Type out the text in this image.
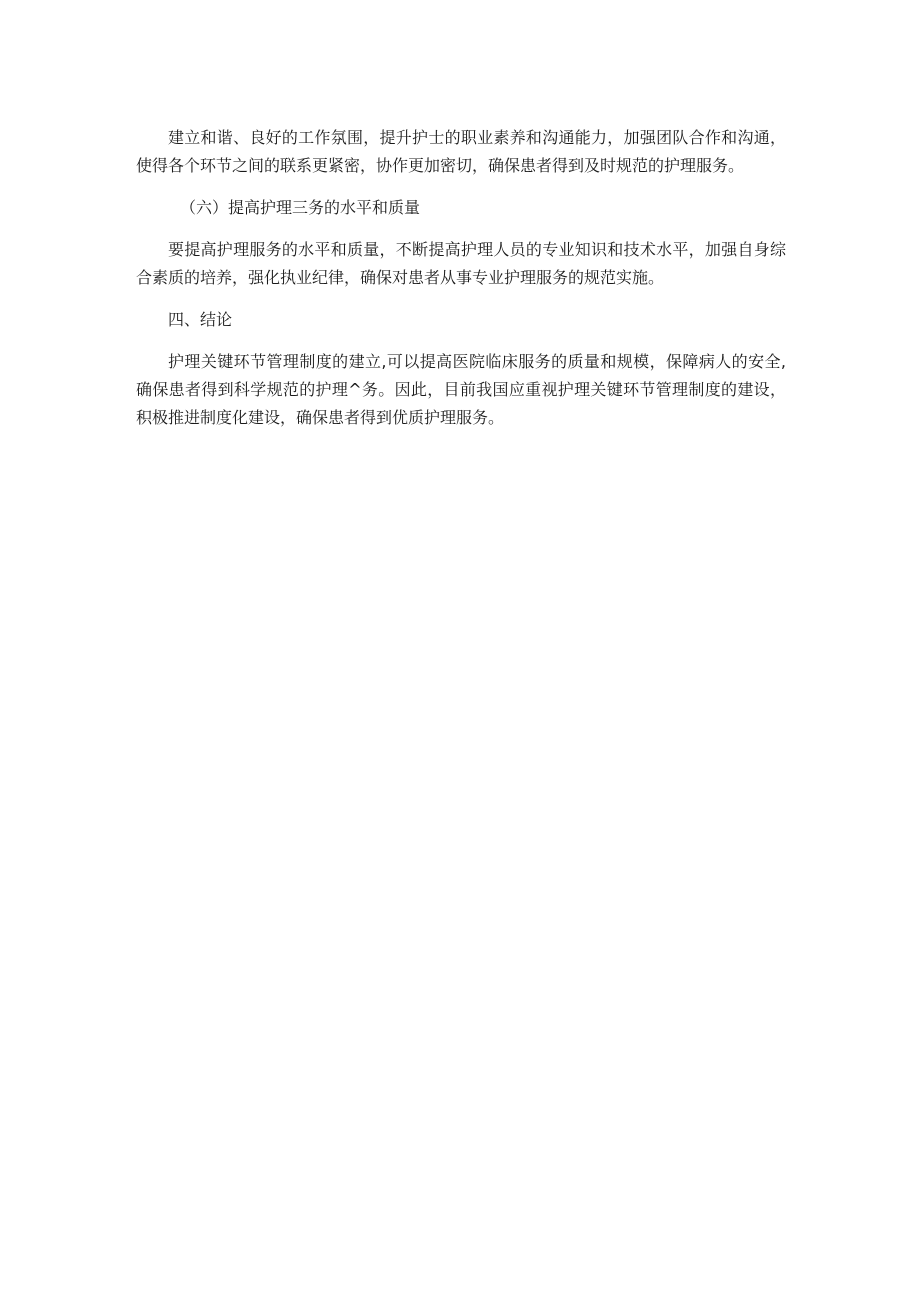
建立和谐、良好的工作氛围，提升护士的职业素养和沟通能力，加强团队合作和沟通，使得各个环节之间的联系更紧密，协作更加密切，确保患者得到及时规范的护理服务。

（六）提高护理三务的水平和质量

要提高护理服务的水平和质量，不断提高护理人员的专业知识和技术水平，加强自身综合素质的培养，强化执业纪律，确保对患者从事专业护理服务的规范实施。

四、结论

护理关键环节管理制度的建立,可以提高医院临床服务的质量和规模，保障病人的安全,确保患者得到科学规范的护理^务。因此，目前我国应重视护理关键环节管理制度的建设，积极推进制度化建设，确保患者得到优质护理服务。
